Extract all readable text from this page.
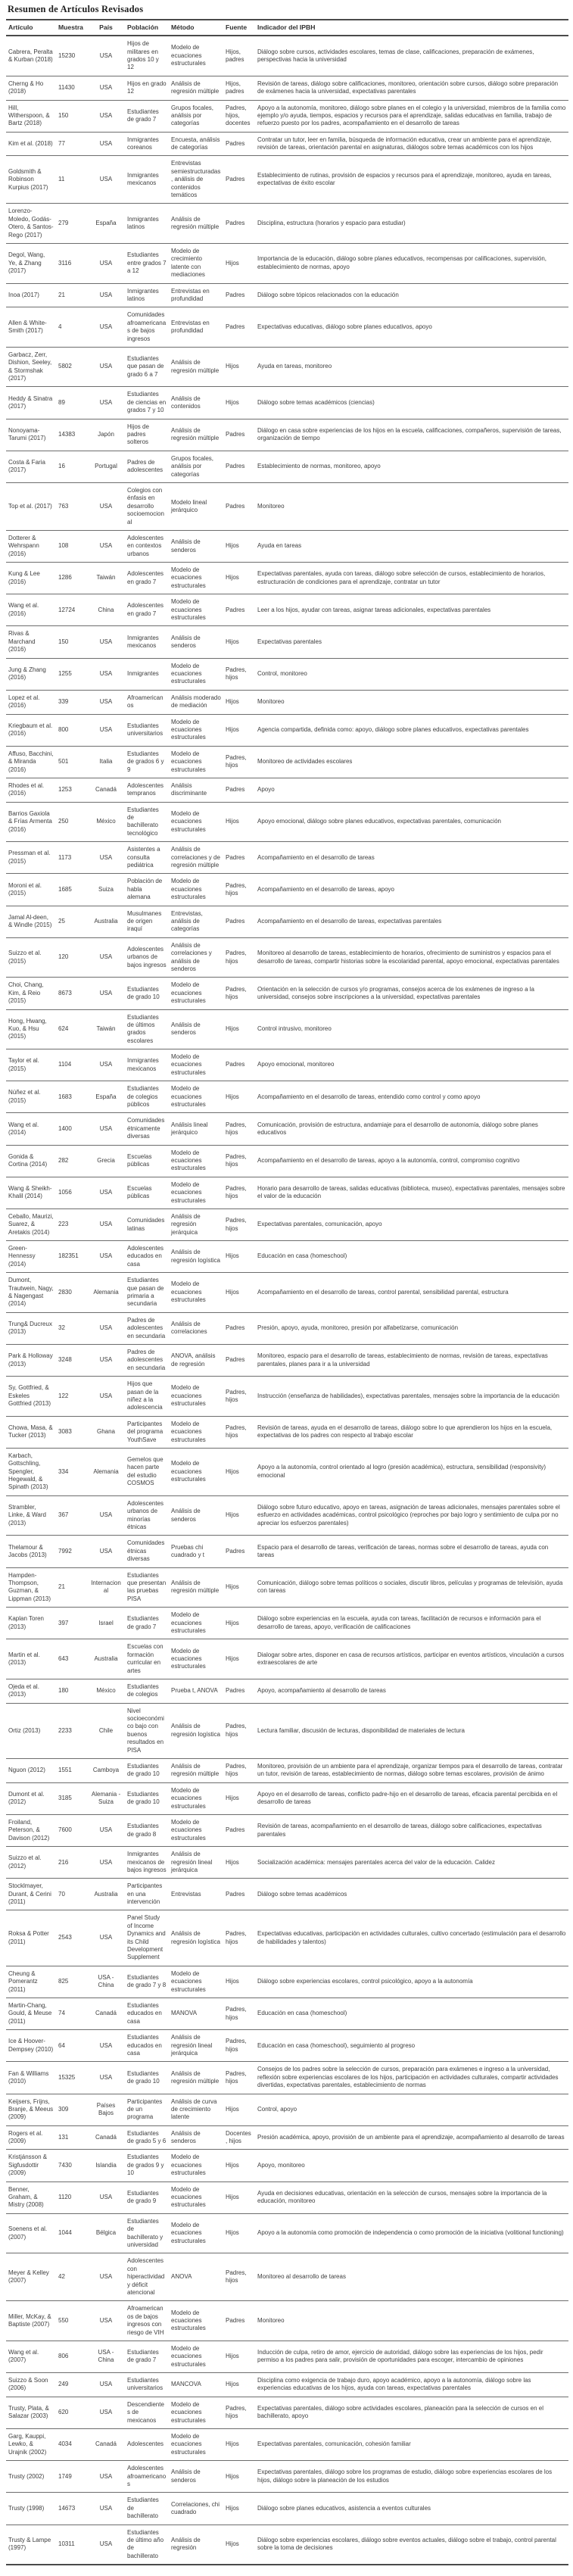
Resumen de Artículos Revisados
Artículo	Muestra	País	Población	Método	Fuente	Indicador del IPBH
Cabrera, Peralta & Kurban (2018)	15230	USA	Hijos de militares en grados 10 y 12	Modelo de ecuaciones estructurales	Hijos, padres	Diálogo sobre cursos, actividades escolares, temas de clase, calificaciones, preparación de exámenes, perspectivas hacia la universidad
Cherng & Ho (2018)	11430	USA	Hijos en grado 12	Análisis de regresión múltiple	Hijos, padres	Revisión de tareas, diálogo sobre calificaciones, monitoreo, orientación sobre cursos, diálogo sobre preparación de exámenes hacia la universidad, expectativas parentales
Hill, Witherspoon, & Bartz (2018)	150	USA	Estudiantes de grado 7	Grupos focales, análisis por categorías	Padres, hijos, docentes	Apoyo a la autonomía, monitoreo, diálogo sobre planes en el colegio y la universidad, miembros de la familia como ejemplo y/o ayuda, tiempos, espacios y recursos para el aprendizaje, salidas educativas en familia, trabajo de refuerzo puesto por los padres, acompañamiento en el desarrollo de tareas
Kim et al. (2018)	77	USA	Inmigrantes coreanos	Encuesta, análisis de categorías	Padres	Contratar un tutor, leer en familia, búsqueda de información educativa, crear un ambiente para el aprendizaje, revisión de tareas, orientación parental en asignaturas, diálogos sobre temas académicos con los hijos
Goldsmith & Robinson Kurpius (2017)	11	USA	Inmigrantes mexicanos	Entrevistas semiestructuradas, análisis de contenidos temáticos	Padres	Establecimiento de rutinas, provisión de espacios y recursos para el aprendizaje, monitoreo, ayuda en tareas, expectativas de éxito escolar
Lorenzo-Moledo, Godás-Otero, & Santos-Rego (2017)	279	España	Inmigrantes latinos	Análisis de regresión múltiple	Padres	Disciplina, estructura (horarios y espacio para estudiar)
Degol, Wang, Ye, & Zhang (2017)	3116	USA	Estudiantes entre grados 7 a 12	Modelo de crecimiento latente con mediaciones	Hijos	Importancia de la educación, diálogo sobre planes educativos, recompensas por calificaciones, supervisión, establecimiento de normas, apoyo
Inoa (2017)	21	USA	Inmigrantes latinos	Entrevistas en profundidad	Padres	Diálogo sobre tópicos relacionados con la educación
Allen & White-Smith (2017)	4	USA	Comunidades afroamericanas de bajos ingresos	Entrevistas en profundidad	Padres	Expectativas educativas, diálogo sobre planes educativos, apoyo
Garbacz, Zerr, Dishion, Seeley, & Stormshak (2017)	5802	USA	Estudiantes que pasan de grado 6 a 7	Análisis de regresión múltiple	Hijos	Ayuda en tareas, monitoreo
Heddy & Sinatra (2017)	89	USA	Estudiantes de ciencias en grados 7 y 10	Análisis de contenidos	Hijos	Diálogo sobre temas académicos (ciencias)
Nonoyama-Tarumi (2017)	14383	Japón	Hijos de padres solteros	Análisis de regresión múltiple	Padres	Diálogo en casa sobre experiencias de los hijos en la escuela, calificaciones, compañeros, supervisión de tareas, organización de tiempo
Costa & Faria (2017)	16	Portugal	Padres de adolescentes	Grupos focales, análisis por categorías	Padres	Establecimiento de normas, monitoreo, apoyo
Top et al. (2017)	763	USA	Colegios con énfasis en desarrollo socioemocional	Modelo lineal jerárquico	Padres	Monitoreo
Dotterer & Wehrspann (2016)	108	USA	Adolescentes en contextos urbanos	Análisis de senderos	Hijos	Ayuda en tareas
Kung & Lee (2016)	1286	Taiwán	Adolescentes en grado 7	Modelo de ecuaciones estructurales	Hijos	Expectativas parentales, ayuda con tareas, diálogo sobre selección de cursos, establecimiento de horarios, estructuración de condiciones para el aprendizaje, contratar un tutor
Wang et al. (2016)	12724	China	Adolescentes en grado 7	Modelo de ecuaciones estructurales	Padres	Leer a los hijos, ayudar con tareas, asignar tareas adicionales, expectativas parentales
Rivas & Marchand (2016)	150	USA	Inmigrantes mexicanos	Análisis de senderos	Hijos	Expectativas parentales
Jung & Zhang (2016)	1255	USA	Inmigrantes	Modelo de ecuaciones estructurales	Padres, hijos	Control, monitoreo
Lopez et al. (2016)	339	USA	Afroamericanos	Análisis moderado de mediación	Hijos	Monitoreo
Kriegbaum et al. (2016)	800	USA	Estudiantes universitarios	Modelo de ecuaciones estructurales	Hijos	Agencia compartida, definida como: apoyo, diálogo sobre planes educativos, expectativas parentales
Affuso, Bacchini, & Miranda (2016)	501	Italia	Estudiantes de grados 6 y 9	Modelo de ecuaciones estructurales	Padres, hijos	Monitoreo de actividades escolares
Rhodes et al. (2016)	1253	Canadá	Adolescentes tempranos	Análisis discriminante	Padres	Apoyo
Barrios Gaxiola & Frías Armenta (2016)	250	México	Estudiantes de bachillerato tecnológico	Modelo de ecuaciones estructurales	Hijos	Apoyo emocional, diálogo sobre planes educativos, expectativas parentales, comunicación
Pressman et al. (2015)	1173	USA	Asistentes a consulta pediátrica	Análisis de correlaciones y de regresión múltiple	Padres	Acompañamiento en el desarrollo de tareas
Moroni et al. (2015)	1685	Suiza	Población de habla alemana	Modelo de ecuaciones estructurales	Padres, hijos	Acompañamiento en el desarrollo de tareas, apoyo
Jamal Al-deen, & Windle (2015)	25	Australia	Musulmanes de origen iraquí	Entrevistas, análisis de categorías	Padres	Acompañamiento en el desarrollo de tareas, expectativas parentales
Suizzo et al. (2015)	120	USA	Adolescentes urbanos de bajos ingresos	Análisis de correlaciones y análisis de senderos	Padres, hijos	Monitoreo al desarrollo de tareas, establecimiento de horarios, ofrecimiento de suministros y espacios para el desarrollo de tareas, compartir historias sobre la escolaridad parental, apoyo emocional, expectativas parentales
Choi, Chang, Kim, & Reio (2015)	8673	USA	Estudiantes de grado 10	Modelo de ecuaciones estructurales	Padres, hijos	Orientación en la selección de cursos y/o programas, consejos acerca de los exámenes de ingreso a la universidad, consejos sobre inscripciones a la universidad, expectativas parentales
Hong, Hwang, Kuo, & Hsu (2015)	624	Taiwán	Estudiantes de últimos grados escolares	Análisis de senderos	Hijos	Control intrusivo, monitoreo
Taylor et al. (2015)	1104	USA	Inmigrantes mexicanos	Modelo de ecuaciones estructurales	Padres	Apoyo emocional, monitoreo
Núñez et al. (2015)	1683	España	Estudiantes de colegios públicos	Modelo de ecuaciones estructurales	Hijos	Acompañamiento en el desarrollo de tareas, entendido como control y como apoyo
Wang et al. (2014)	1400	USA	Comunidades étnicamente diversas	Análisis lineal jerárquico	Padres, hijos	Comunicación, provisión de estructura, andamiaje para el desarrollo de autonomía, diálogo sobre planes educativos
Gonida & Cortina (2014)	282	Grecia	Escuelas públicas	Modelo de ecuaciones estructurales	Padres, hijos	Acompañamiento en el desarrollo de tareas, apoyo a la autonomía, control, compromiso cognitivo
Wang & Sheikh-Khalil (2014)	1056	USA	Escuelas públicas	Modelo de ecuaciones estructurales	Padres, hijos	Horario para desarrollo de tareas, salidas educativas (biblioteca, museo), expectativas parentales, mensajes sobre el valor de la educación
Ceballo, Maurizi, Suarez, & Aretakis (2014)	223	USA	Comunidades latinas	Análisis de regresión jerárquica	Padres, hijos	Expectativas parentales, comunicación, apoyo
Green-Hennessy (2014)	182351	USA	Adolescentes educados en casa	Análisis de regresión logística	Hijos	Educación en casa (homeschool)
Dumont, Trautwein, Nagy, & Nagengast (2014)	2830	Alemania	Estudiantes que pasan de primaria a secundaria	Modelo de ecuaciones estructurales	Hijos	Acompañamiento en el desarrollo de tareas, control parental, sensibilidad parental, estructura
Trung& Ducreux (2013)	32	USA	Padres de adolescentes en secundaria	Análisis de correlaciones	Padres	Presión, apoyo, ayuda, monitoreo, presión por alfabetizarse, comunicación
Park & Holloway (2013)	3248	USA	Padres de adolescentes en secundaria	ANOVA, análisis de regresión	Padres	Monitoreo, espacio para el desarrollo de tareas, establecimiento de normas, revisión de tareas, expectativas parentales, planes para ir a la universidad
Sy, Gottfried, & Eskeles Gottfried (2013)	122	USA	Hijos que pasan de la niñez a la adolescencia	Modelo de ecuaciones estructurales	Padres, hijos	Instrucción (enseñanza de habilidades), expectativas parentales, mensajes sobre la importancia de la educación
Chowa, Masa, & Tucker (2013)	3083	Ghana	Participantes del programa YouthSave	Modelo de ecuaciones estructurales	Padres, hijos	Revisión de tareas, ayuda en el desarrollo de tareas, diálogo sobre lo que aprendieron los hijos en la escuela, expectativas de los padres con respecto al trabajo escolar
Karbach, Gottschling, Spengler, Hegewald, & Spinath (2013)	334	Alemania	Gemelos que hacen parte del estudio COSMOS	Modelo de ecuaciones estructurales	Hijos	Apoyo a la autonomía, control orientado al logro (presión académica), estructura, sensibilidad (responsivity) emocional
Strambler, Linke, & Ward (2013)	367	USA	Adolescentes urbanos de minorías étnicas	Análisis de senderos	Hijos	Diálogo sobre futuro educativo, apoyo en tareas, asignación de tareas adicionales, mensajes parentales sobre el esfuerzo en actividades académicas, control psicológico (reproches por bajo logro y sentimiento de culpa por no apreciar los esfuerzos parentales)
Thelamour & Jacobs (2013)	7992	USA	Comunidades étnicas diversas	Pruebas chi cuadrado y t	Padres	Espacio para el desarrollo de tareas, verificación de tareas, normas sobre el desarrollo de tareas, ayuda con tareas
Hampden-Thompson, Guzman, & Lippman (2013)	21	Internacional	Estudiantes que presentan las pruebas PISA	Análisis de regresión múltiple	Hijos	Comunicación, diálogo sobre temas políticos o sociales, discutir libros, películas y programas de televisión, ayuda con tareas
Kaplan Toren (2013)	397	Israel	Estudiantes de grado 7	Modelo de ecuaciones estructurales	Hijos	Diálogo sobre experiencias en la escuela, ayuda con tareas, facilitación de recursos e información para el desarrollo de tareas, apoyo, verificación de calificaciones
Martin et al. (2013)	643	Australia	Escuelas con formación curricular en artes	Modelo de ecuaciones estructurales	Hijos	Dialogar sobre artes, disponer en casa de recursos artísticos, participar en eventos artísticos, vinculación a cursos extraescolares de arte
Ojeda et al. (2013)	180	México	Estudiantes de colegios	Prueba t, ANOVA	Padres	Apoyo, acompañamiento al desarrollo de tareas
Ortiz (2013)	2233	Chile	Nivel socioeconómico bajo con buenos resultados en PISA	Análisis de regresión logística	Padres, hijos	Lectura familiar, discusión de lecturas, disponibilidad de materiales de lectura
Nguon (2012)	1551	Camboya	Estudiantes de grado 10	Análisis de regresión múltiple	Padres, hijos	Monitoreo, provisión de un ambiente para el aprendizaje, organizar tiempos para el desarrollo de tareas, contratar un tutor, revisión de tareas, establecimiento de normas, diálogo sobre temas escolares, provisión de ánimo
Dumont et al. (2012)	3185	Alemania - Suiza	Estudiantes de grado 10	Modelo de ecuaciones estructurales	Hijos	Apoyo en el desarrollo de tareas, conflicto padre-hijo en el desarrollo de tareas, eficacia parental percibida en el desarrollo de tareas
Froiland, Peterson, & Davison (2012)	7600	USA	Estudiantes de grado 8	Modelo de ecuaciones estructurales	Padres	Revisión de tareas, acompañamiento en el desarrollo de tareas, diálogo sobre calificaciones, expectativas parentales
Suizzo et al. (2012)	216	USA	Inmigrantes mexicanos de bajos ingresos	Análisis de regresión lineal jerárquica	Hijos	Socialización académica: mensajes parentales acerca del valor de la educación. Calidez
Stocklmayer, Durant, & Cerini (2011)	70	Australia	Participantes en una intervención	Entrevistas	Padres	Diálogo sobre temas académicos
Roksa & Potter (2011)	2543	USA	Panel Study of Income Dynamics and its Child Development Supplement	Análisis de regresión logística	Padres, hijos	Expectativas educativas, participación en actividades culturales, cultivo concertado (estimulación para el desarrollo de habilidades y talentos)
Cheung & Pomerantz (2011)	825	USA - China	Estudiantes de grado 7 y 8	Modelo de ecuaciones estructurales	Hijos	Diálogo sobre experiencias escolares, control psicológico, apoyo a la autonomía
Martin-Chang, Gould, & Meuse (2011)	74	Canadá	Estudiantes educados en casa	MANOVA	Padres, hijos	Educación en casa (homeschool)
Ice & Hoover-Dempsey (2010)	64	USA	Estudiantes educados en casa	Análisis de regresión lineal jerárquica	Padres, hijos	Educación en casa (homeschool), seguimiento al progreso
Fan & Williams (2010)	15325	USA	Estudiantes de grado 10	Análisis de regresión múltiple	Padres, hijos	Consejos de los padres sobre la selección de cursos, preparación para exámenes e ingreso a la universidad, reflexión sobre experiencias escolares de los hijos, participación en actividades culturales, compartir actividades divertidas, expectativas parentales, establecimiento de normas
Keijsers, Frijns, Branje, & Meeus (2009)	309	Países Bajos	Participantes de un programa	Análisis de curva de crecimiento latente	Hijos	Control, apoyo
Rogers et al. (2009)	131	Canadá	Estudiantes de grado 5 y 6	Análisis de senderos	Docentes, hijos	Presión académica, apoyo, provisión de un ambiente para el aprendizaje, acompañamiento al desarrollo de tareas
Kristjánsson & Sigfusdottir (2009)	7430	Islandia	Estudiantes de grados 9 y 10	Modelo de ecuaciones estructurales	Hijos	Apoyo, monitoreo
Benner, Graham, & Mistry (2008)	1120	USA	Estudiantes de grado 9	Modelo de ecuaciones estructurales	Hijos	Ayuda en decisiones educativas, orientación en la selección de cursos, mensajes sobre la importancia de la educación, monitoreo
Soenens et al. (2007)	1044	Bélgica	Estudiantes de bachillerato y universidad	Modelo de ecuaciones estructurales	Hijos	Apoyo a la autonomía como promoción de independencia o como promoción de la iniciativa (volitional functioning)
Meyer & Kelley (2007)	42	USA	Adolescentes con hiperactividad y déficit atencional	ANOVA	Padres, hijos	Monitoreo al desarrollo de tareas
Miller, McKay, & Baptiste (2007)	550	USA	Afroamericanos de bajos ingresos con riesgo de VIH	Modelo de ecuaciones estructurales	Padres	Monitoreo
Wang et al. (2007)	806	USA - China	Estudiantes de grado 7	Modelo de ecuaciones estructurales	Hijos	Inducción de culpa, retiro de amor, ejercicio de autoridad, diálogo sobre las experiencias de los hijos, pedir permiso a los padres para salir, provisión de oportunidades para escoger, intercambio de opiniones
Suizzo & Soon (2006)	249	USA	Estudiantes universitarios	MANCOVA	Hijos	Disciplina como exigencia de trabajo duro, apoyo académico, apoyo a la autonomía, diálogo sobre las experiencias educativas de los hijos, ayuda con tareas, expectativas parentales
Trusty, Plata, & Salazar (2003)	620	USA	Descendientes de mexicanos	Modelo de ecuaciones estructurales	Padres, hijos	Expectativas parentales, diálogo sobre actividades escolares, planeación para la selección de cursos en el bachillerato, apoyo
Garg, Kauppi, Lewko, & Urajnik (2002)	4034	Canadá	Adolescentes	Modelo de ecuaciones estructurales	Hijos	Expectativas parentales, comunicación, cohesión familiar
Trusty (2002)	1749	USA	Adolescentes afroamericanos	Análisis de senderos	Hijos	Expectativas parentales, diálogo sobre los programas de estudio, diálogo sobre experiencias escolares de los hijos, diálogo sobre la planeación de los estudios
Trusty (1998)	14673	USA	Estudiantes de bachillerato	Correlaciones, chi cuadrado	Hijos	Diálogo sobre planes educativos, asistencia a eventos culturales
Trusty & Lampe (1997)	10311	USA	Estudiantes de último año de bachillerato	Análisis de regresión	Hijos	Diálogo sobre experiencias escolares, diálogo sobre eventos actuales, diálogo sobre el trabajo, control parental sobre la toma de decisiones
